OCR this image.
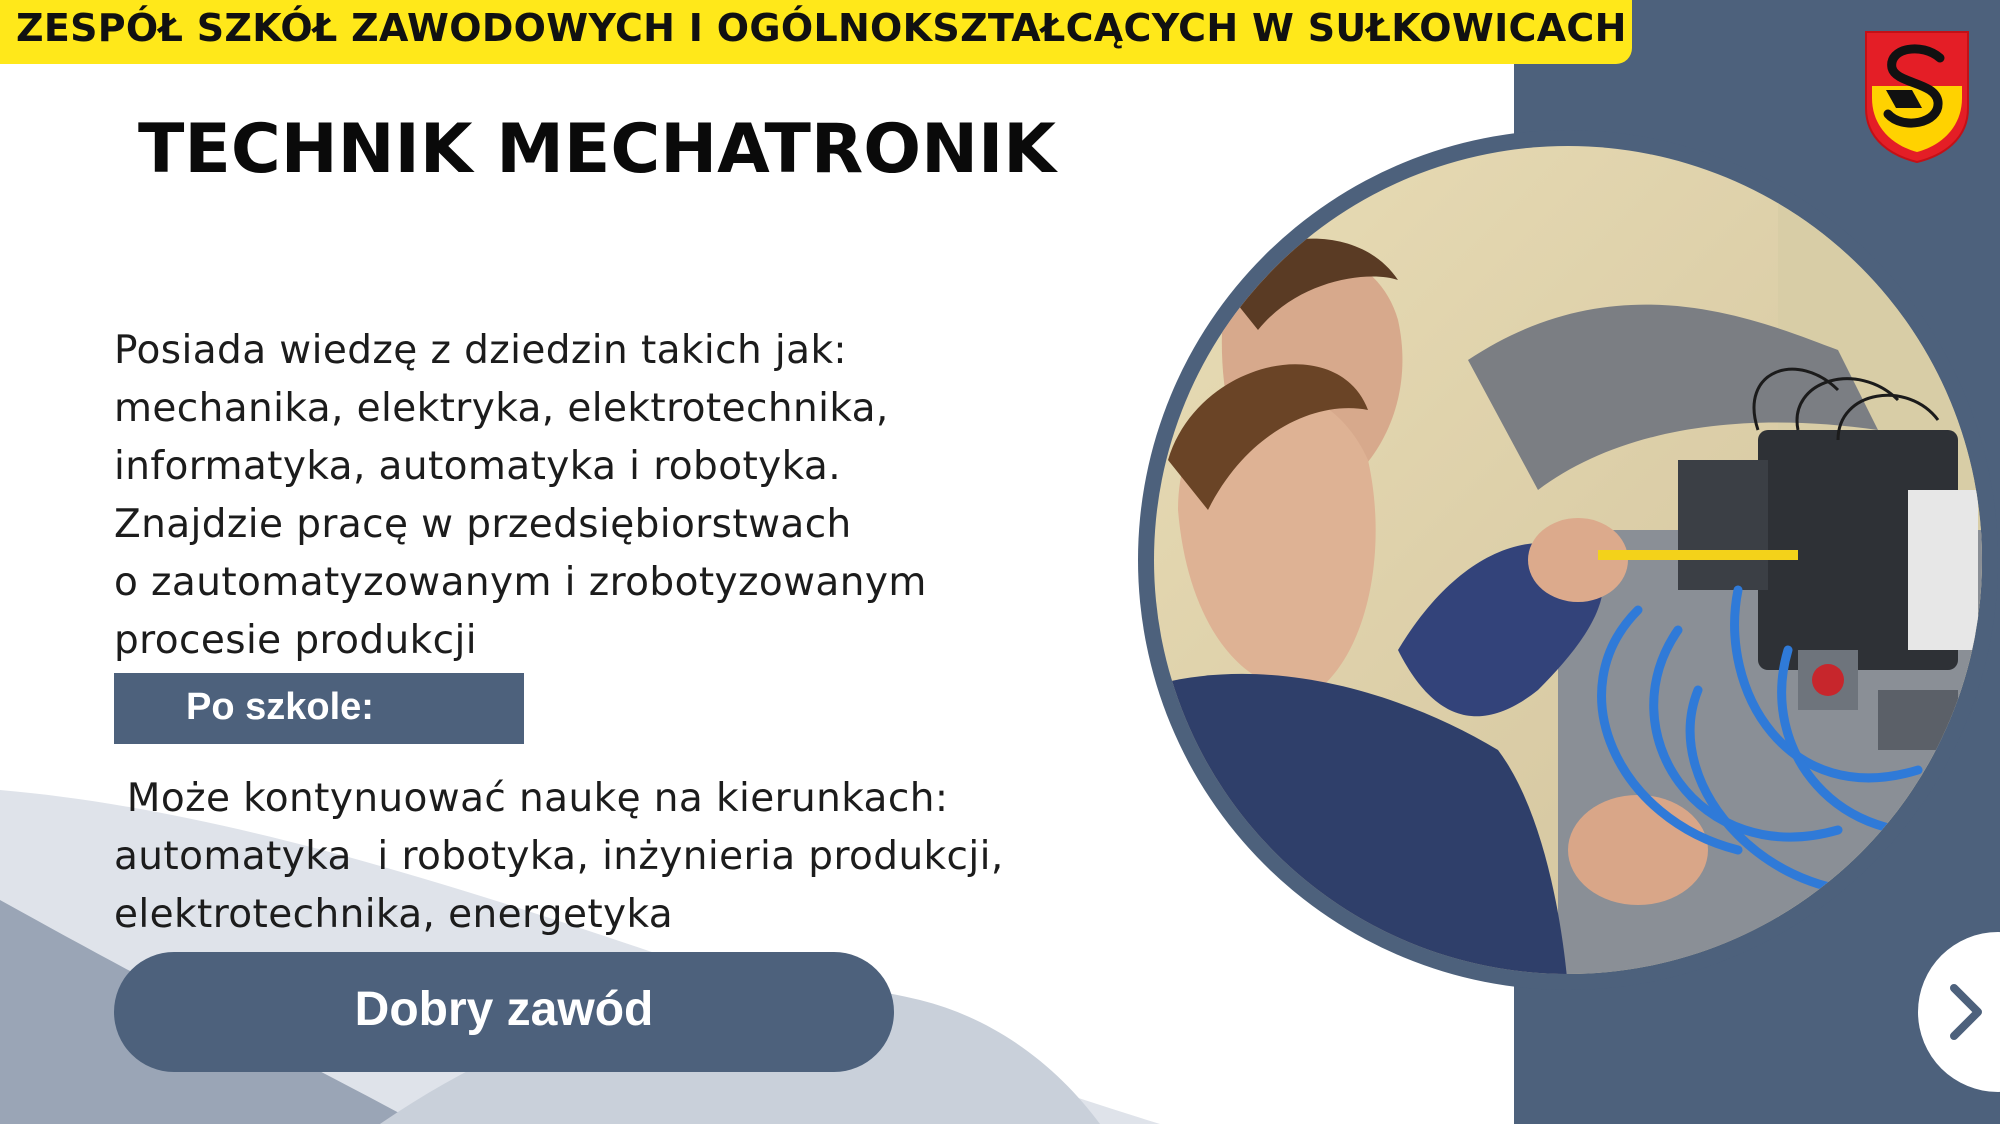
ZESPÓŁ SZKÓŁ ZAWODOWYCH I OGÓLNOKSZTAŁCĄCYCH W SUŁKOWICACH
TECHNIK MECHATRONIK
Posiada wiedzę z dziedzin takich jak:
mechanika, elektryka, elektrotechnika,
informatyka, automatyka i robotyka.
Znajdzie pracę w przedsiębiorstwach
o zautomatyzowanym i zrobotyzowanym
procesie produkcji
Po szkole:
Może kontynuować naukę na kierunkach:
automatyka  i robotyka, inżynieria produkcji,
elektrotechnika, energetyka
Dobry zawód
